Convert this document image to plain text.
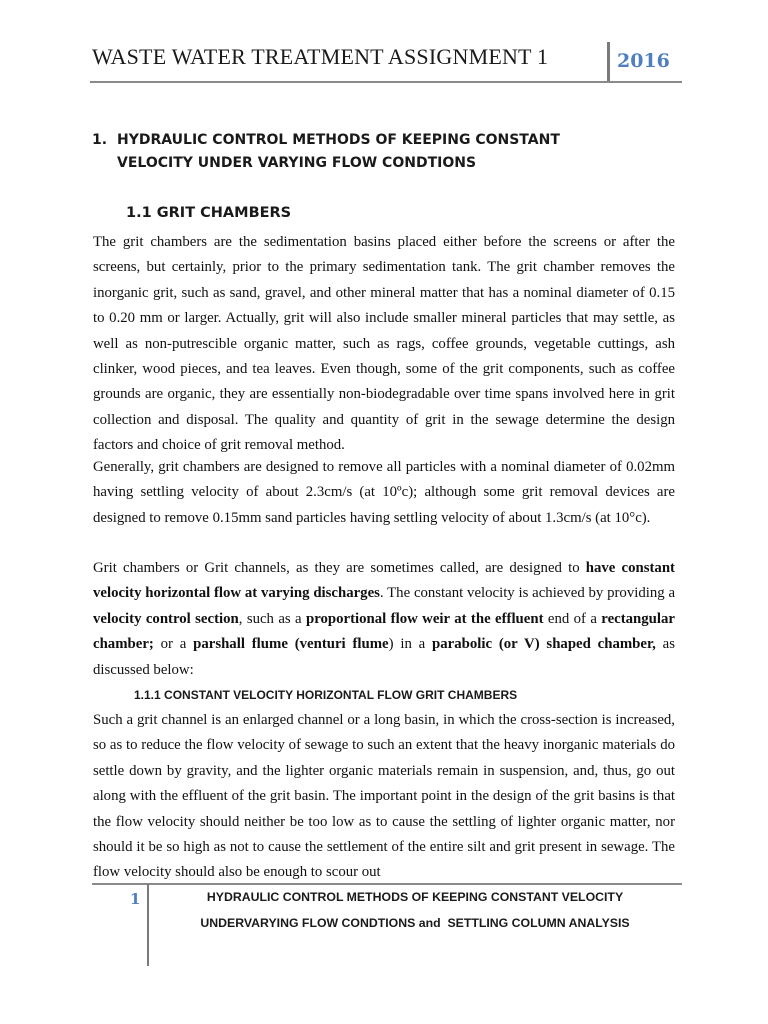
WASTE WATER TREATMENT ASSIGNMENT 1	2016
1. HYDRAULIC CONTROL METHODS OF KEEPING CONSTANT
VELOCITY UNDER VARYING FLOW CONDTIONS
1.1 GRIT CHAMBERS

The grit chambers are the sedimentation basins placed either before the screens or after the screens, but certainly, prior to the primary sedimentation tank. The grit chamber removes the inorganic grit, such as sand, gravel, and other mineral matter that has a nominal diameter of 0.15 to 0.20 mm or larger. Actually, grit will also include smaller mineral particles that may settle, as well as non-putrescible organic matter, such as rags, coffee grounds, vegetable cuttings, ash clinker, wood pieces, and tea leaves. Even though, some of the grit components, such as coffee grounds are organic, they are essentially non-biodegradable over time spans involved here in grit collection and disposal. The quality and quantity of grit in the sewage determine the design factors and choice of grit removal method.

Generally, grit chambers are designed to remove all particles with a nominal diameter of 0.02mm having settling velocity of about 2.3cm/s (at 10ºc); although some grit removal devices are designed to remove 0.15mm sand particles having settling velocity of about 1.3cm/s (at 10°c).

Grit chambers or Grit channels, as they are sometimes called, are designed to have constant velocity horizontal flow at varying discharges. The constant velocity is achieved by providing a velocity control section, such as a proportional flow weir at the effluent end of a rectangular chamber; or a parshall flume (venturi flume) in a parabolic (or V) shaped chamber, as discussed below:

1.1.1 CONSTANT VELOCITY HORIZONTAL FLOW GRIT CHAMBERS

Such a grit channel is an enlarged channel or a long basin, in which the cross-section is increased, so as to reduce the flow velocity of sewage to such an extent that the heavy inorganic materials do settle down by gravity, and the lighter organic materials remain in suspension, and, thus, go out along with the effluent of the grit basin. The important point in the design of the grit basins is that the flow velocity should neither be too low as to cause the settling of lighter organic matter, nor should it be so high as not to cause the settlement of the entire silt and grit present in sewage. The flow velocity should also be enough to scour out

1	HYDRAULIC CONTROL METHODS OF KEEPING CONSTANT VELOCITY
UNDERVARYING FLOW CONDTIONS and  SETTLING COLUMN ANALYSIS
